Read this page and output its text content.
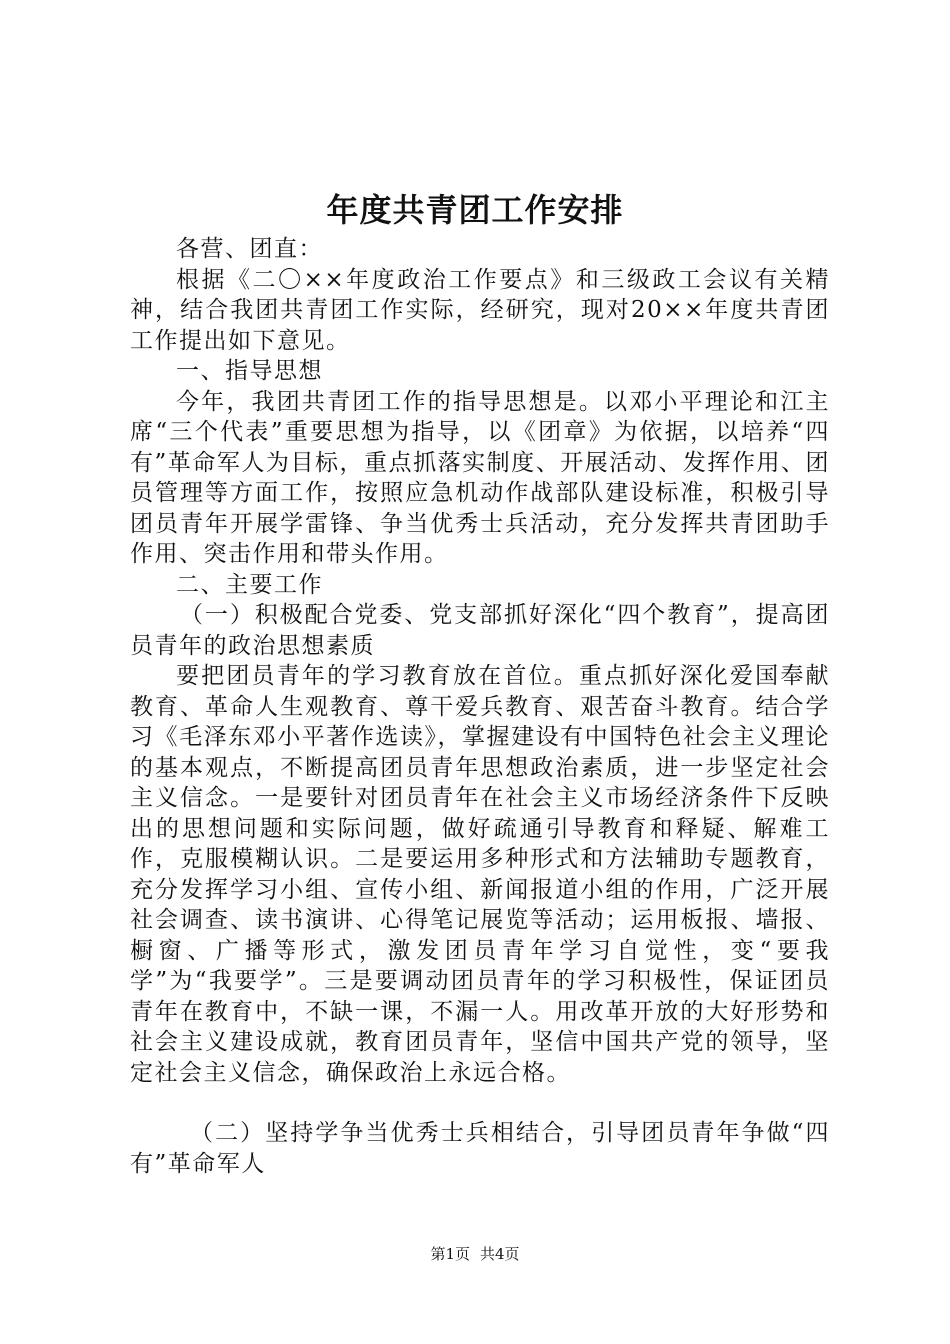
年度共青团工作安排

各营、团直：

根据《二〇××年度政治工作要点》和三级政工会议有关精神，结合我团共青团工作实际，经研究，现对20××年度共青团工作提出如下意见。

一、指导思想

今年，我团共青团工作的指导思想是。以邓小平理论和江主席“三个代表”重要思想为指导，以《团章》为依据，以培养“四有”革命军人为目标，重点抓落实制度、开展活动、发挥作用、团员管理等方面工作，按照应急机动作战部队建设标准，积极引导团员青年开展学雷锋、争当优秀士兵活动，充分发挥共青团助手作用、突击作用和带头作用。

二、主要工作

（一）积极配合党委、党支部抓好深化“四个教育”，提高团员青年的政治思想素质

要把团员青年的学习教育放在首位。重点抓好深化爱国奉献教育、革命人生观教育、尊干爱兵教育、艰苦奋斗教育。结合学习《毛泽东邓小平著作选读》，掌握建设有中国特色社会主义理论的基本观点，不断提高团员青年思想政治素质，进一步坚定社会主义信念。一是要针对团员青年在社会主义市场经济条件下反映出的思想问题和实际问题，做好疏通引导教育和释疑、解难工作，克服模糊认识。二是要运用多种形式和方法辅助专题教育，充分发挥学习小组、宣传小组、新闻报道小组的作用，广泛开展社会调查、读书演讲、心得笔记展览等活动；运用板报、墙报、橱窗、广播等形式，激发团员青年学习自觉性，变“要我学”为“我要学”。三是要调动团员青年的学习积极性，保证团员青年在教育中，不缺一课，不漏一人。用改革开放的大好形势和社会主义建设成就，教育团员青年，坚信中国共产党的领导，坚定社会主义信念，确保政治上永远合格。

（二）坚持学争当优秀士兵相结合，引导团员青年争做“四有”革命军人

第1页 共4页
